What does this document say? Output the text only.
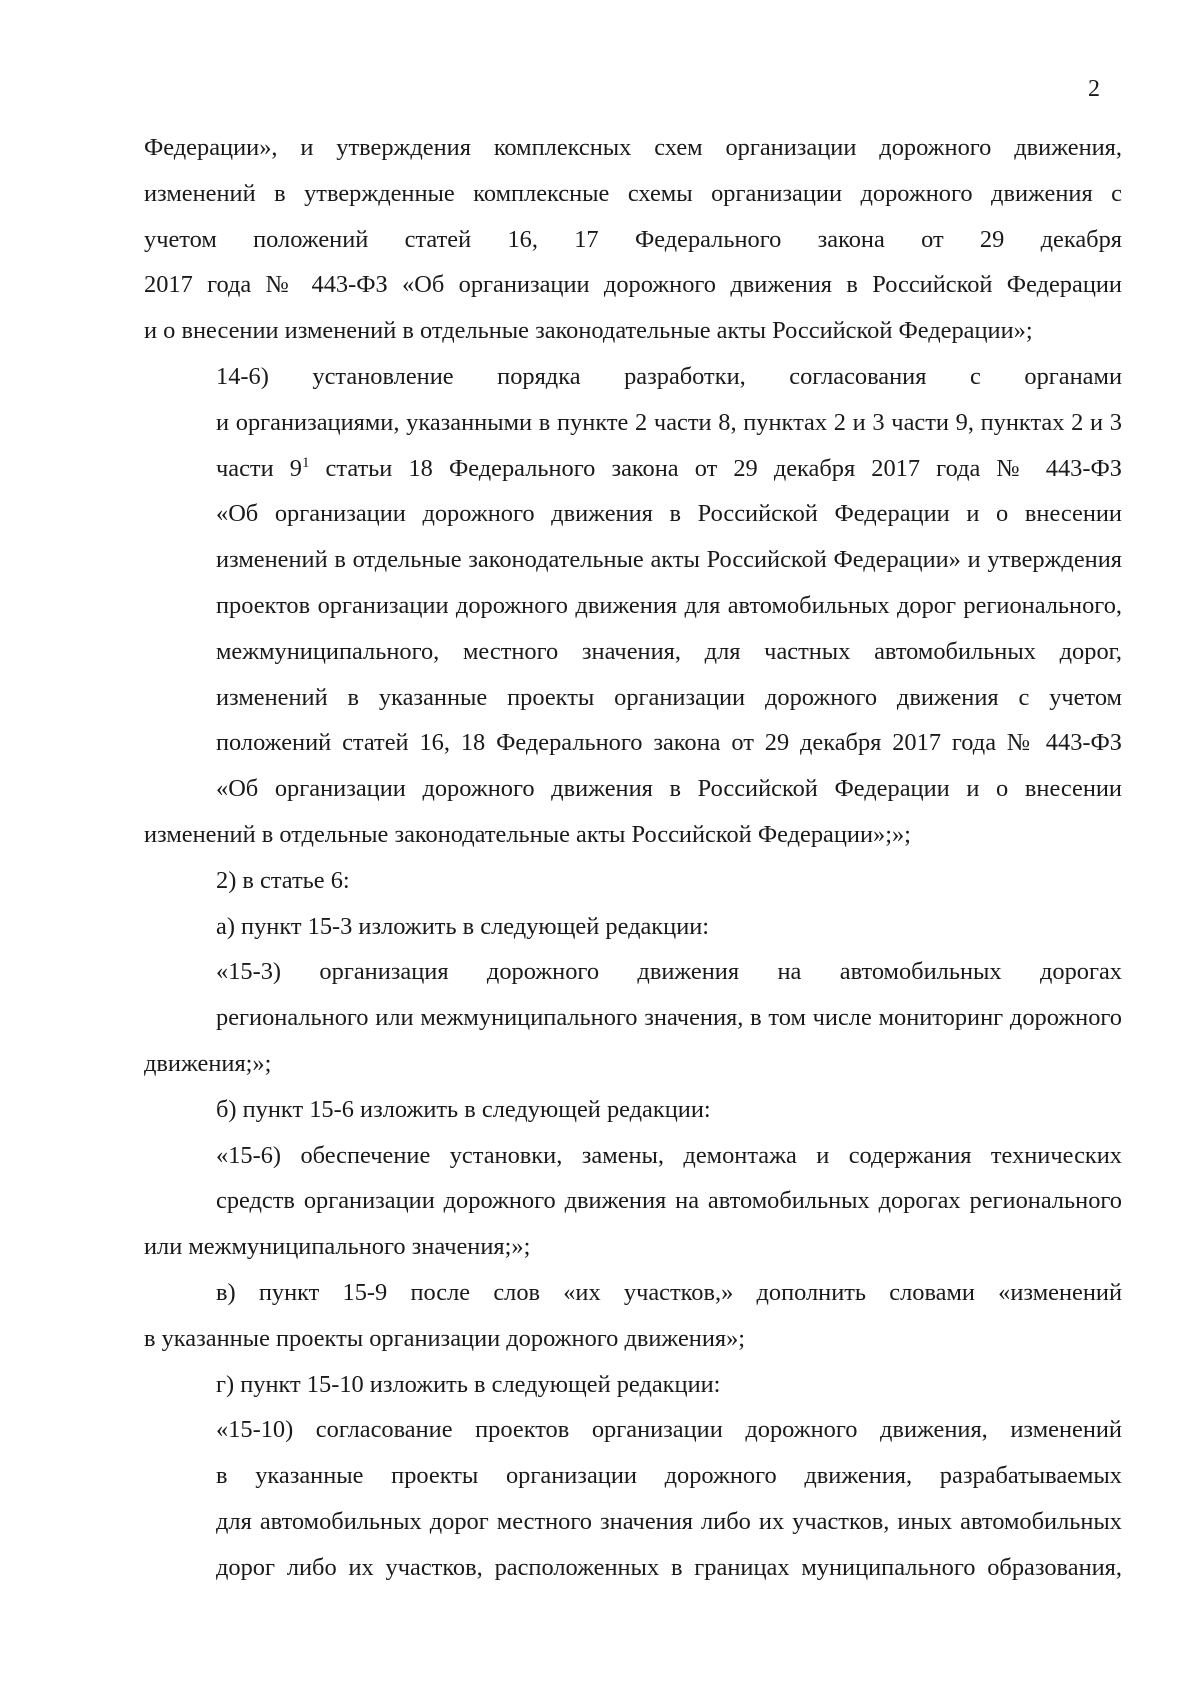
2

Федерации», и утверждения комплексных схем организации дорожного движения,
изменений в утвержденные комплексные схемы организации дорожного движения с
учетом положений статей 16, 17 Федерального закона от 29 декабря
2017 года № 443-ФЗ «Об организации дорожного движения в Российской Федерации
и о внесении изменений в отдельные законодательные акты Российской Федерации»;

14-6) установление порядка разработки, согласования с органами
и организациями, указанными в пункте 2 части 8, пунктах 2 и 3 части 9, пунктах 2 и 3
части $9^1$ статьи 18 Федерального закона от 29 декабря 2017 года № 443-ФЗ
«Об организации дорожного движения в Российской Федерации и о внесении
изменений в отдельные законодательные акты Российской Федерации» и утверждения
проектов организации дорожного движения для автомобильных дорог регионального,
межмуниципального, местного значения, для частных автомобильных дорог,
изменений в указанные проекты организации дорожного движения с учетом
положений статей 16, 18 Федерального закона от 29 декабря 2017 года № 443-ФЗ
«Об организации дорожного движения в Российской Федерации и о внесении
изменений в отдельные законодательные акты Российской Федерации»;»;

2) в статье 6:

а) пункт 15-3 изложить в следующей редакции:

«15-3) организация дорожного движения на автомобильных дорогах
регионального или межмуниципального значения, в том числе мониторинг дорожного
движения;»;

б) пункт 15-6 изложить в следующей редакции:

«15-6) обеспечение установки, замены, демонтажа и содержания технических
средств организации дорожного движения на автомобильных дорогах регионального
или межмуниципального значения;»;

в) пункт 15-9 после слов «их участков,» дополнить словами «изменений
в указанные проекты организации дорожного движения»;

г) пункт 15-10 изложить в следующей редакции:

«15-10) согласование проектов организации дорожного движения, изменений
в указанные проекты организации дорожного движения, разрабатываемых
для автомобильных дорог местного значения либо их участков, иных автомобильных
дорог либо их участков, расположенных в границах муниципального образования,
